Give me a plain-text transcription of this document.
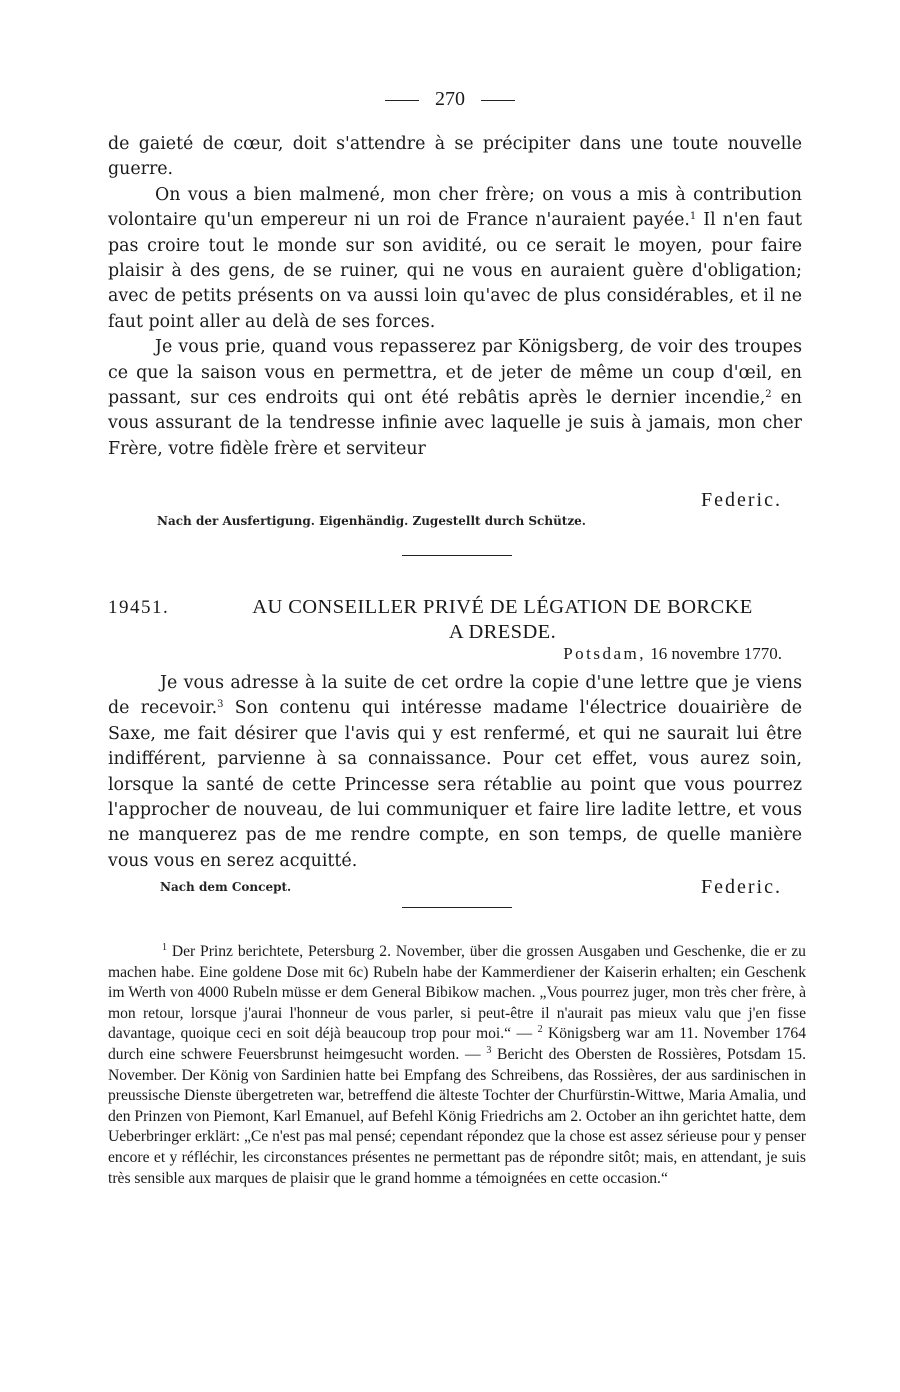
270

de gaieté de cœur, doit s'attendre à se précipiter dans une toute nouvelle guerre.

On vous a bien malmené, mon cher frère; on vous a mis à contribution volontaire qu'un empereur ni un roi de France n'auraient payée.$^1$ Il n'en faut pas croire tout le monde sur son avidité, ou ce serait le moyen, pour faire plaisir à des gens, de se ruiner, qui ne vous en auraient guère d'obligation; avec de petits présents on va aussi loin qu'avec de plus considérables, et il ne faut point aller au delà de ses forces.

Je vous prie, quand vous repasserez par Königsberg, de voir des troupes ce que la saison vous en permettra, et de jeter de même un coup d'œil, en passant, sur ces endroits qui ont été rebâtis après le dernier incendie,$^2$ en vous assurant de la tendresse infinie avec laquelle je suis à jamais, mon cher Frère, votre fidèle frère et serviteur

Federic.
Nach der Ausfertigung. Eigenhändig. Zugestellt durch Schütze.
19451.	AU CONSEILLER PRIVÉ DE LÉGATION DE BORCKE
A DRESDE.
Potsdam, 16 novembre 1770.

Je vous adresse à la suite de cet ordre la copie d'une lettre que je viens de recevoir.$^3$ Son contenu qui intéresse madame l'électrice douairière de Saxe, me fait désirer que l'avis qui y est renfermé, et qui ne saurait lui être indifférent, parvienne à sa connaissance. Pour cet effet, vous aurez soin, lorsque la santé de cette Princesse sera rétablie au point que vous pourrez l'approcher de nouveau, de lui communiquer et faire lire ladite lettre, et vous ne manquerez pas de me rendre compte, en son temps, de quelle manière vous vous en serez acquitté.

Nach dem Concept.	Federic.

$^1$ Der Prinz berichtete, Petersburg 2. November, über die grossen Ausgaben und Geschenke, die er zu machen habe. Eine goldene Dose mit 6c) Rubeln habe der Kammerdiener der Kaiserin erhalten; ein Geschenk im Werth von 4000 Rubeln müsse er dem General Bibikow machen. „Vous pourrez juger, mon très cher frère, à mon retour, lorsque j'aurai l'honneur de vous parler, si peut-être il n'aurait pas mieux valu que j'en fisse davantage, quoique ceci en soit déjà beaucoup trop pour moi.“ — $^2$ Königsberg war am 11. November 1764 durch eine schwere Feuersbrunst heimgesucht worden. — $^3$ Bericht des Obersten de Rossières, Potsdam 15. November. Der König von Sardinien hatte bei Empfang des Schreibens, das Rossières, der aus sardinischen in preussische Dienste übergetreten war, betreffend die älteste Tochter der Churfürstin-Wittwe, Maria Amalia, und den Prinzen von Piemont, Karl Emanuel, auf Befehl König Friedrichs am 2. October an ihn gerichtet hatte, dem Ueberbringer erklärt: „Ce n'est pas mal pensé; cependant répondez que la chose est assez sérieuse pour y penser encore et y réfléchir, les circonstances présentes ne permettant pas de répondre sitôt; mais, en attendant, je suis très sensible aux marques de plaisir que le grand homme a témoignées en cette occasion.“
